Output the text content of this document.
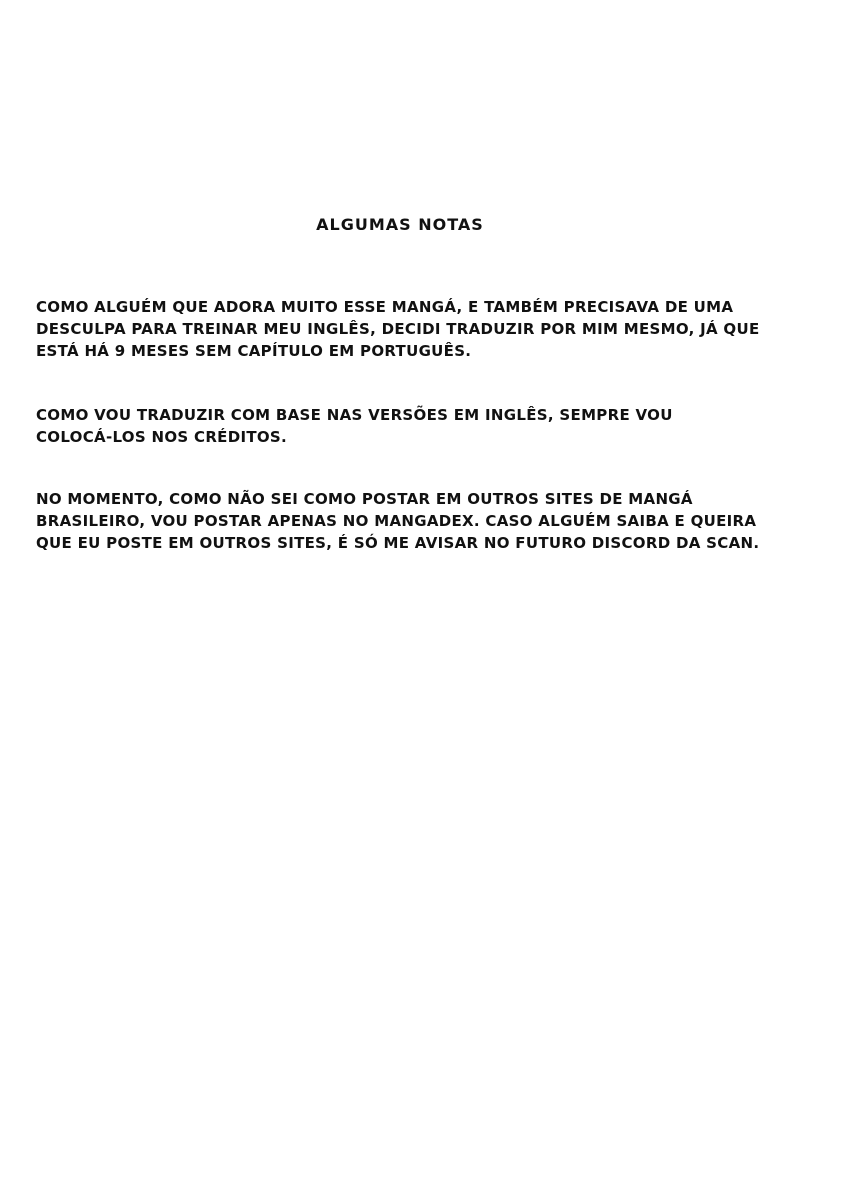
ALGUMAS NOTAS

COMO ALGUÉM QUE ADORA MUITO ESSE MANGÁ, E TAMBÉM PRECISAVA DE UMA
DESCULPA PARA TREINAR MEU INGLÊS, DECIDI TRADUZIR POR MIM MESMO, JÁ QUE
ESTÁ HÁ 9 MESES SEM CAPÍTULO EM PORTUGUÊS.

COMO VOU TRADUZIR COM BASE NAS VERSÕES EM INGLÊS, SEMPRE VOU
COLOCÁ-LOS NOS CRÉDITOS.

NO MOMENTO, COMO NÃO SEI COMO POSTAR EM OUTROS SITES DE MANGÁ
BRASILEIRO, VOU POSTAR APENAS NO MANGADEX. CASO ALGUÉM SAIBA E QUEIRA
QUE EU POSTE EM OUTROS SITES, É SÓ ME AVISAR NO FUTURO DISCORD DA SCAN.
